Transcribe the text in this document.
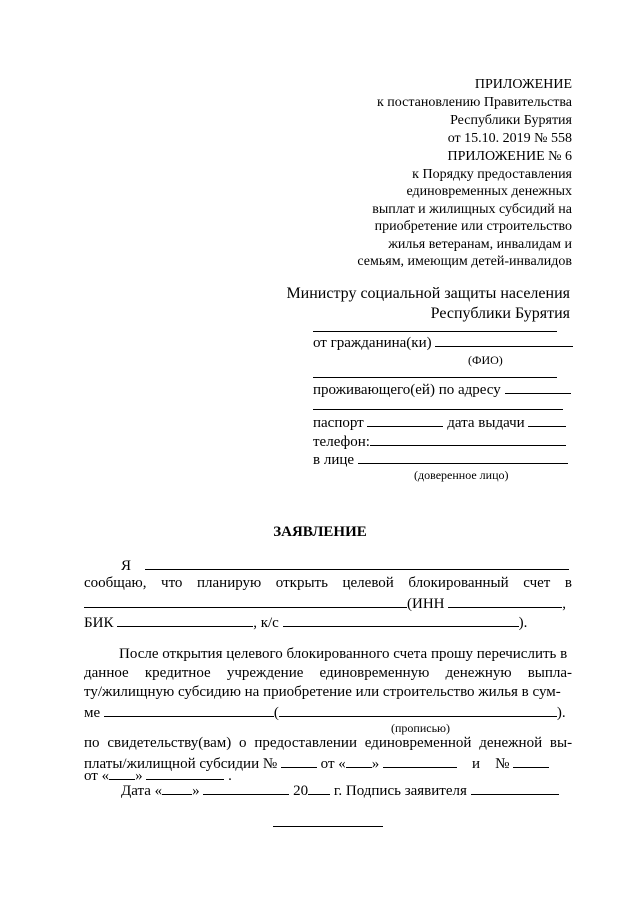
ПРИЛОЖЕНИЕ
к постановлению Правительства
Республики Бурятия
от 15.10. 2019 № 558
ПРИЛОЖЕНИЕ № 6
к Порядку предоставления
единовременных денежных
выплат и жилищных субсидий на
приобретение или строительство
жилья ветеранам, инвалидам и
семьям, имеющим детей-инвалидов
Министру социальной защиты населения
Республики Бурятия
от гражданина(ки)
(ФИО)
проживающего(ей) по адресу
паспорт	дата выдачи
телефон:
в лице
(доверенное лицо)
ЗАЯВЛЕНИЕ
Я
сообщаю, что планирую открыть целевой блокированный счет в
(ИНН	,
БИК	, к/с	).
После открытия целевого блокированного счета прошу перечислить в
данное кредитное учреждение единовременную денежную выпла-
ту/жилищную субсидию на приобретение или строительство жилья в сум-
ме	(	).
(прописью)
по свидетельству(вам) о предоставлении единовременной денежной вы-
платы/жилищной субсидии №	от « »	и №
от « »	.
Дата « »	20 г. Подпись заявителя
